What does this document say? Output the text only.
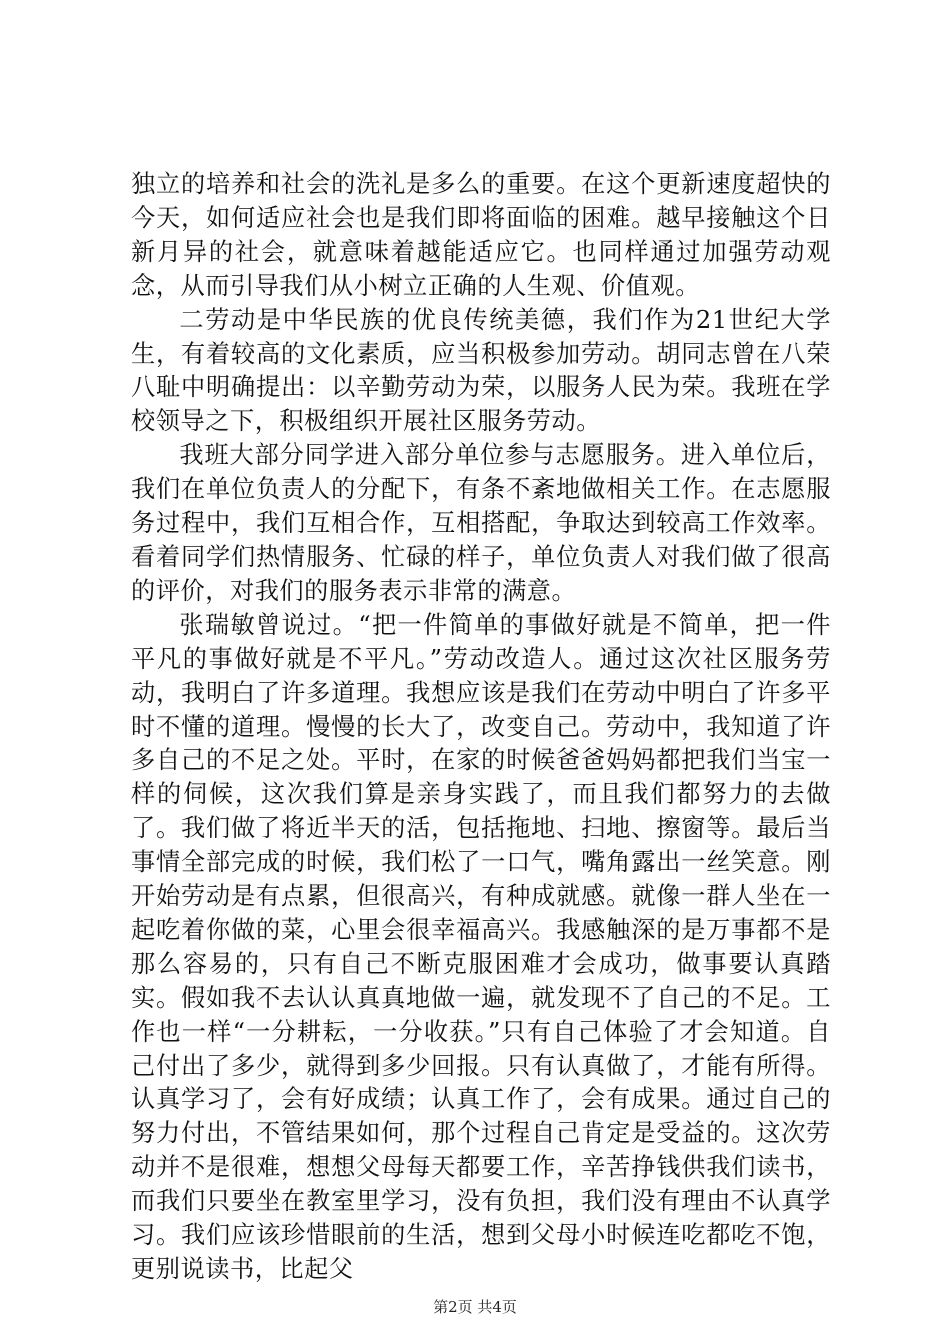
独立的培养和社会的洗礼是多么的重要。在这个更新速度超快的今天，如何适应社会也是我们即将面临的困难。越早接触这个日新月异的社会，就意味着越能适应它。也同样通过加强劳动观念，从而引导我们从小树立正确的人生观、价值观。

二劳动是中华民族的优良传统美德，我们作为21世纪大学生，有着较高的文化素质，应当积极参加劳动。胡同志曾在八荣八耻中明确提出：以辛勤劳动为荣，以服务人民为荣。我班在学校领导之下，积极组织开展社区服务劳动。

我班大部分同学进入部分单位参与志愿服务。进入单位后，我们在单位负责人的分配下，有条不紊地做相关工作。在志愿服务过程中，我们互相合作，互相搭配，争取达到较高工作效率。看着同学们热情服务、忙碌的样子，单位负责人对我们做了很高的评价，对我们的服务表示非常的满意。

张瑞敏曾说过。“把一件简单的事做好就是不简单，把一件平凡的事做好就是不平凡。”劳动改造人。通过这次社区服务劳动，我明白了许多道理。我想应该是我们在劳动中明白了许多平时不懂的道理。慢慢的长大了，改变自己。劳动中，我知道了许多自己的不足之处。平时，在家的时候爸爸妈妈都把我们当宝一样的伺候，这次我们算是亲身实践了，而且我们都努力的去做了。我们做了将近半天的活，包括拖地、扫地、擦窗等。最后当事情全部完成的时候，我们松了一口气，嘴角露出一丝笑意。刚开始劳动是有点累，但很高兴，有种成就感。就像一群人坐在一起吃着你做的菜，心里会很幸福高兴。我感触深的是万事都不是那么容易的，只有自己不断克服困难才会成功，做事要认真踏实。假如我不去认认真真地做一遍，就发现不了自己的不足。工作也一样“一分耕耘，一分收获。”只有自己体验了才会知道。自己付出了多少，就得到多少回报。只有认真做了，才能有所得。认真学习了，会有好成绩；认真工作了，会有成果。通过自己的努力付出，不管结果如何，那个过程自己肯定是受益的。这次劳动并不是很难，想想父母每天都要工作，辛苦挣钱供我们读书，而我们只要坐在教室里学习，没有负担，我们没有理由不认真学习。我们应该珍惜眼前的生活，想到父母小时候连吃都吃不饱，更别说读书，比起父

第2页 共4页
